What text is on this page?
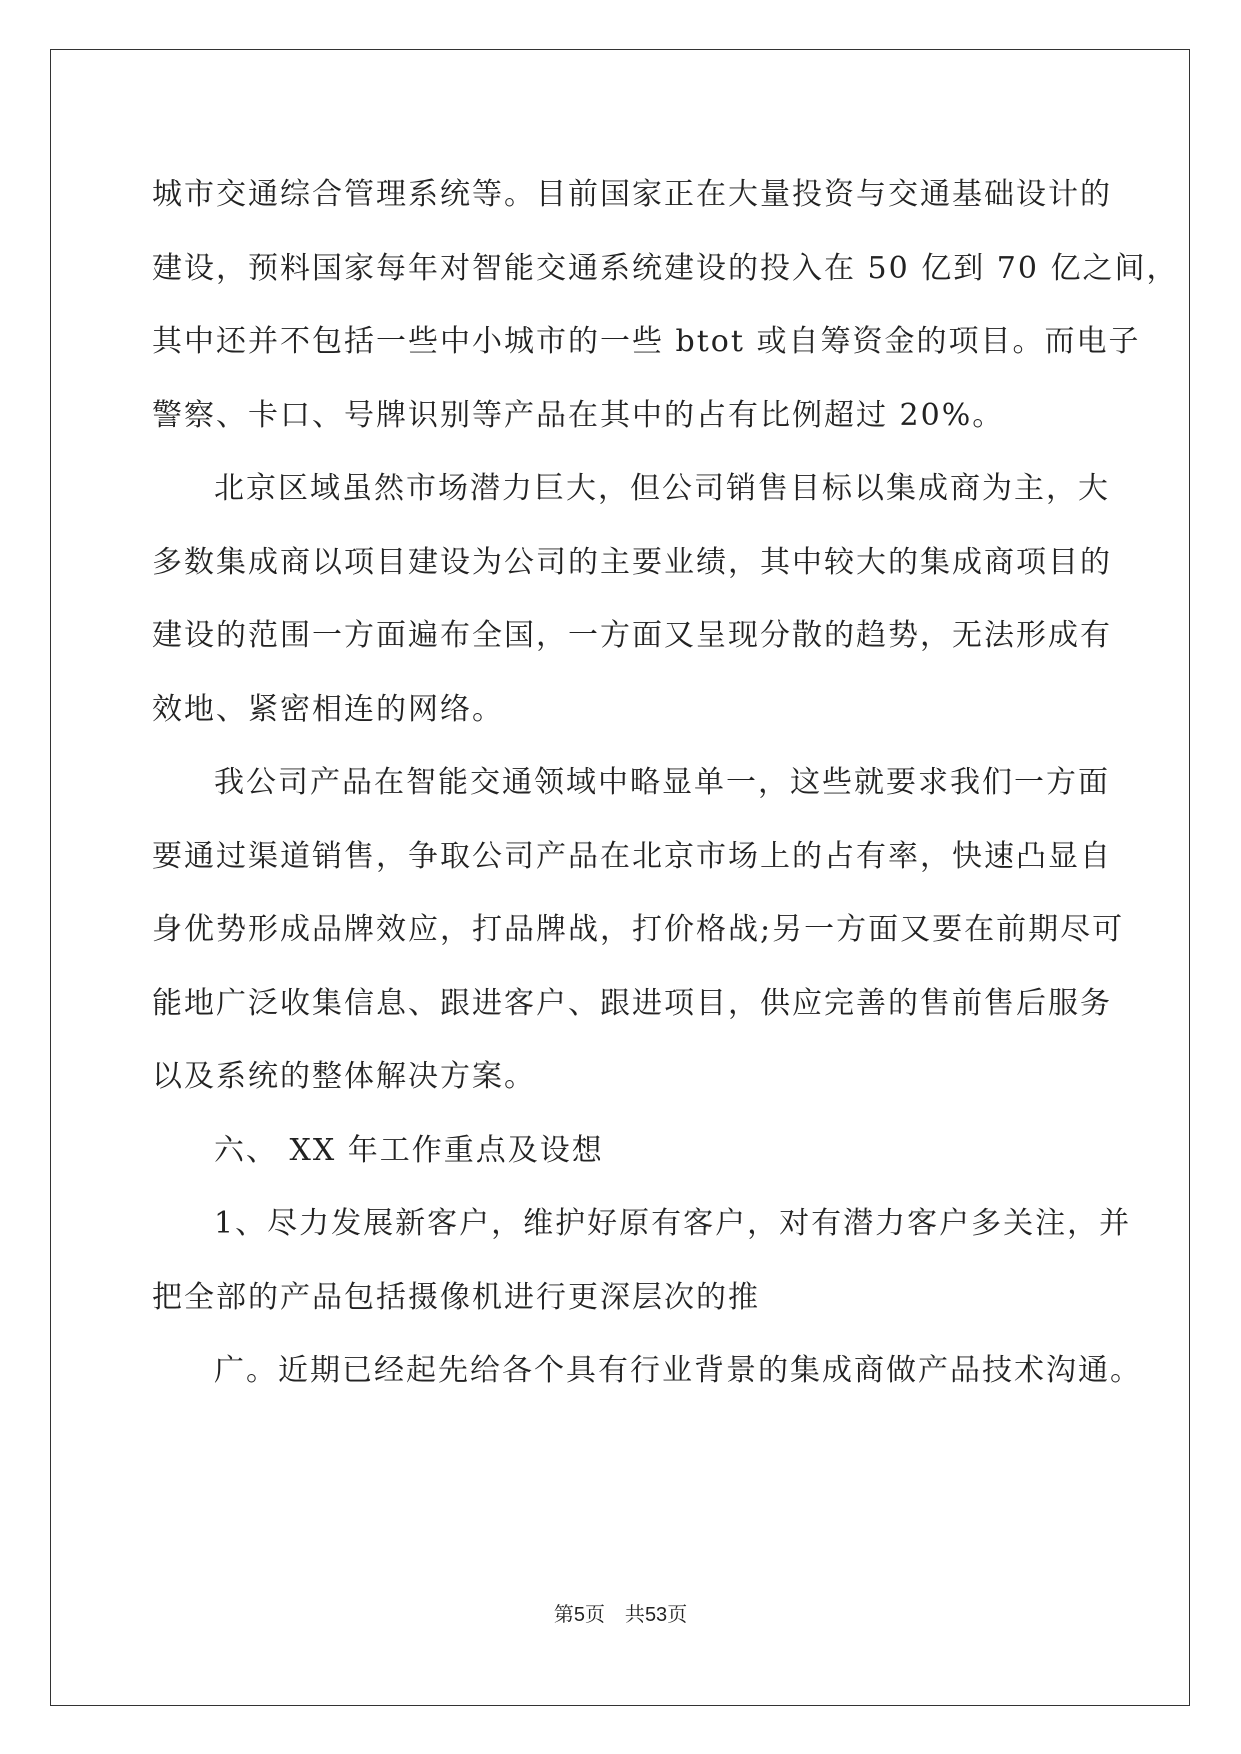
城市交通综合管理系统等。目前国家正在大量投资与交通基础设计的
建设，预料国家每年对智能交通系统建设的投入在 50 亿到 70 亿之间，
其中还并不包括一些中小城市的一些 btot 或自筹资金的项目。而电子
警察、卡口、号牌识别等产品在其中的占有比例超过 20%。
北京区域虽然市场潜力巨大，但公司销售目标以集成商为主，大
多数集成商以项目建设为公司的主要业绩，其中较大的集成商项目的
建设的范围一方面遍布全国，一方面又呈现分散的趋势，无法形成有
效地、紧密相连的网络。
我公司产品在智能交通领域中略显单一，这些就要求我们一方面
要通过渠道销售，争取公司产品在北京市场上的占有率，快速凸显自
身优势形成品牌效应，打品牌战，打价格战;另一方面又要在前期尽可
能地广泛收集信息、跟进客户、跟进项目，供应完善的售前售后服务
以及系统的整体解决方案。
六、 XX 年工作重点及设想
1、尽力发展新客户，维护好原有客户，对有潜力客户多关注，并
把全部的产品包括摄像机进行更深层次的推
广。近期已经起先给各个具有行业背景的集成商做产品技术沟通。
第5页　共53页
